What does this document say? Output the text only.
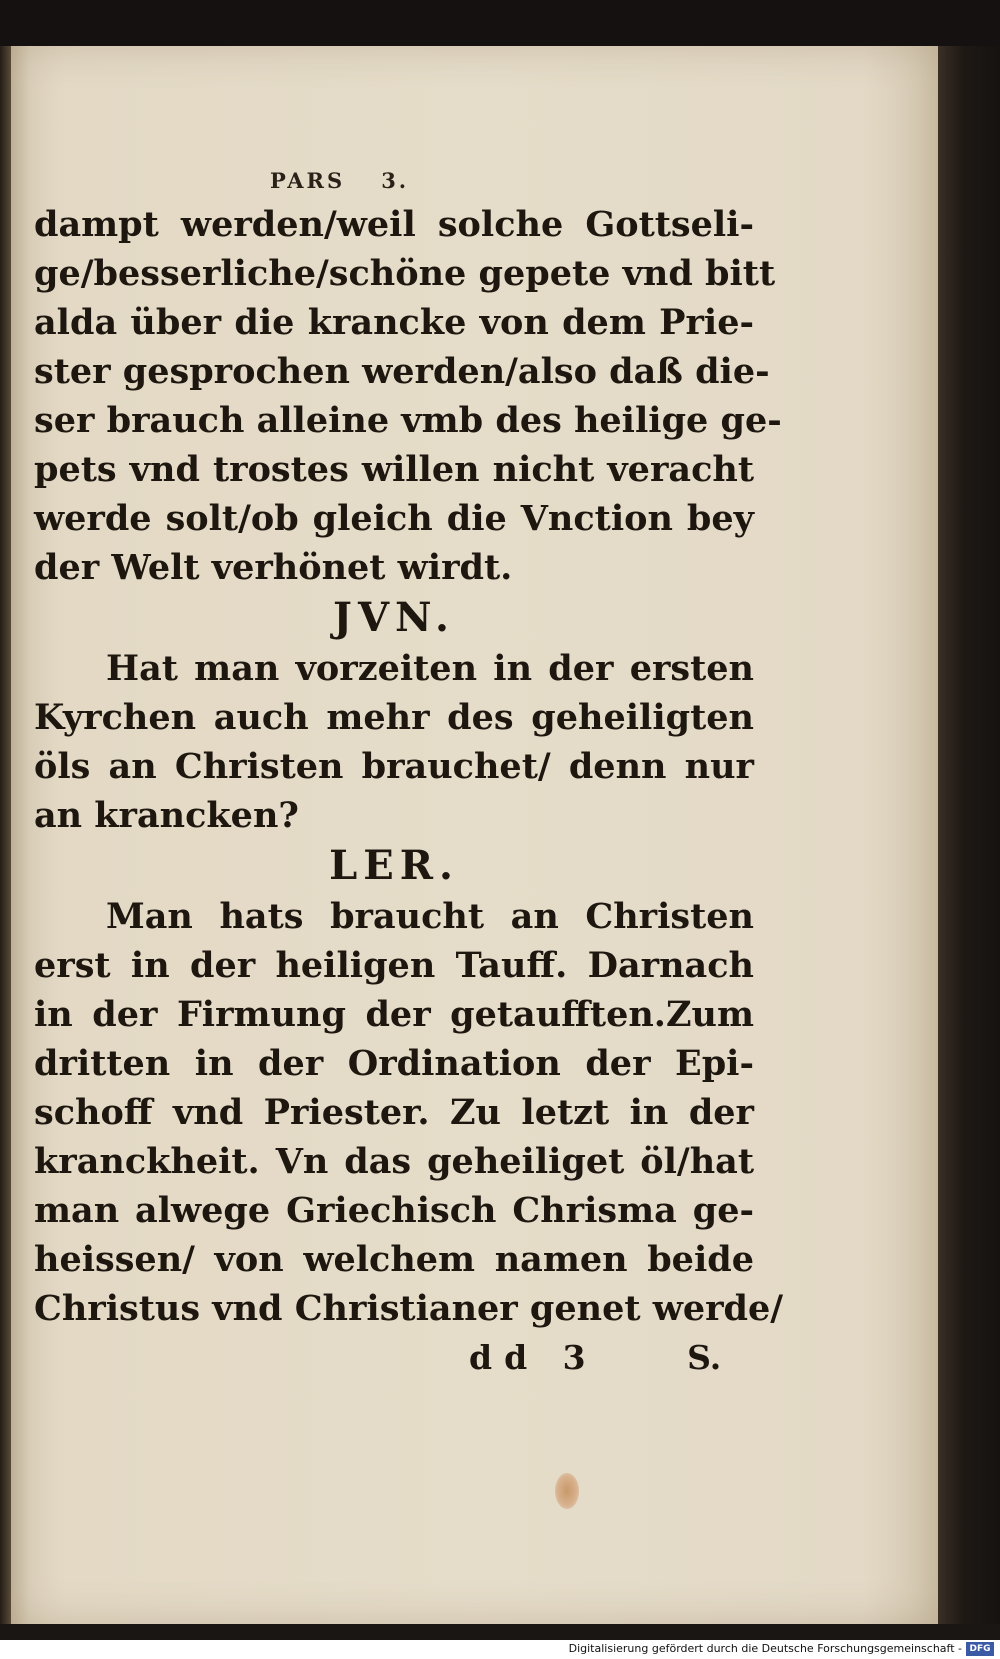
PARS 3.
dampt werden/weil solche Gottseli-
ge/besserliche/schöne gepete vnd bitt
alda über die krancke von dem Prie-
ster gesprochen werden/also daß die-
ser brauch alleine vmb des heilige ge-
pets vnd trostes willen nicht veracht
werde solt/ob gleich die Vnction bey
der Welt verhönet wirdt.
JVN.
Hat man vorzeiten in der ersten
Kyrchen auch mehr des geheiligten
öls an Christen brauchet/ denn nur
an krancken?
LER.
Man hats braucht an Christen
erst in der heiligen Tauff. Darnach
in der Firmung der getaufften.Zum
dritten in der Ordination der Epi-
schoff vnd Priester. Zu letzt in der
kranckheit. Vn das geheiliget öl/hat
man alwege Griechisch Chrisma ge-
heissen/ von welchem namen beide
Christus vnd Christianer genet werde/
dd 3	S.
Digitalisierung gefördert durch die Deutsche Forschungsgemeinschaft - DFG
